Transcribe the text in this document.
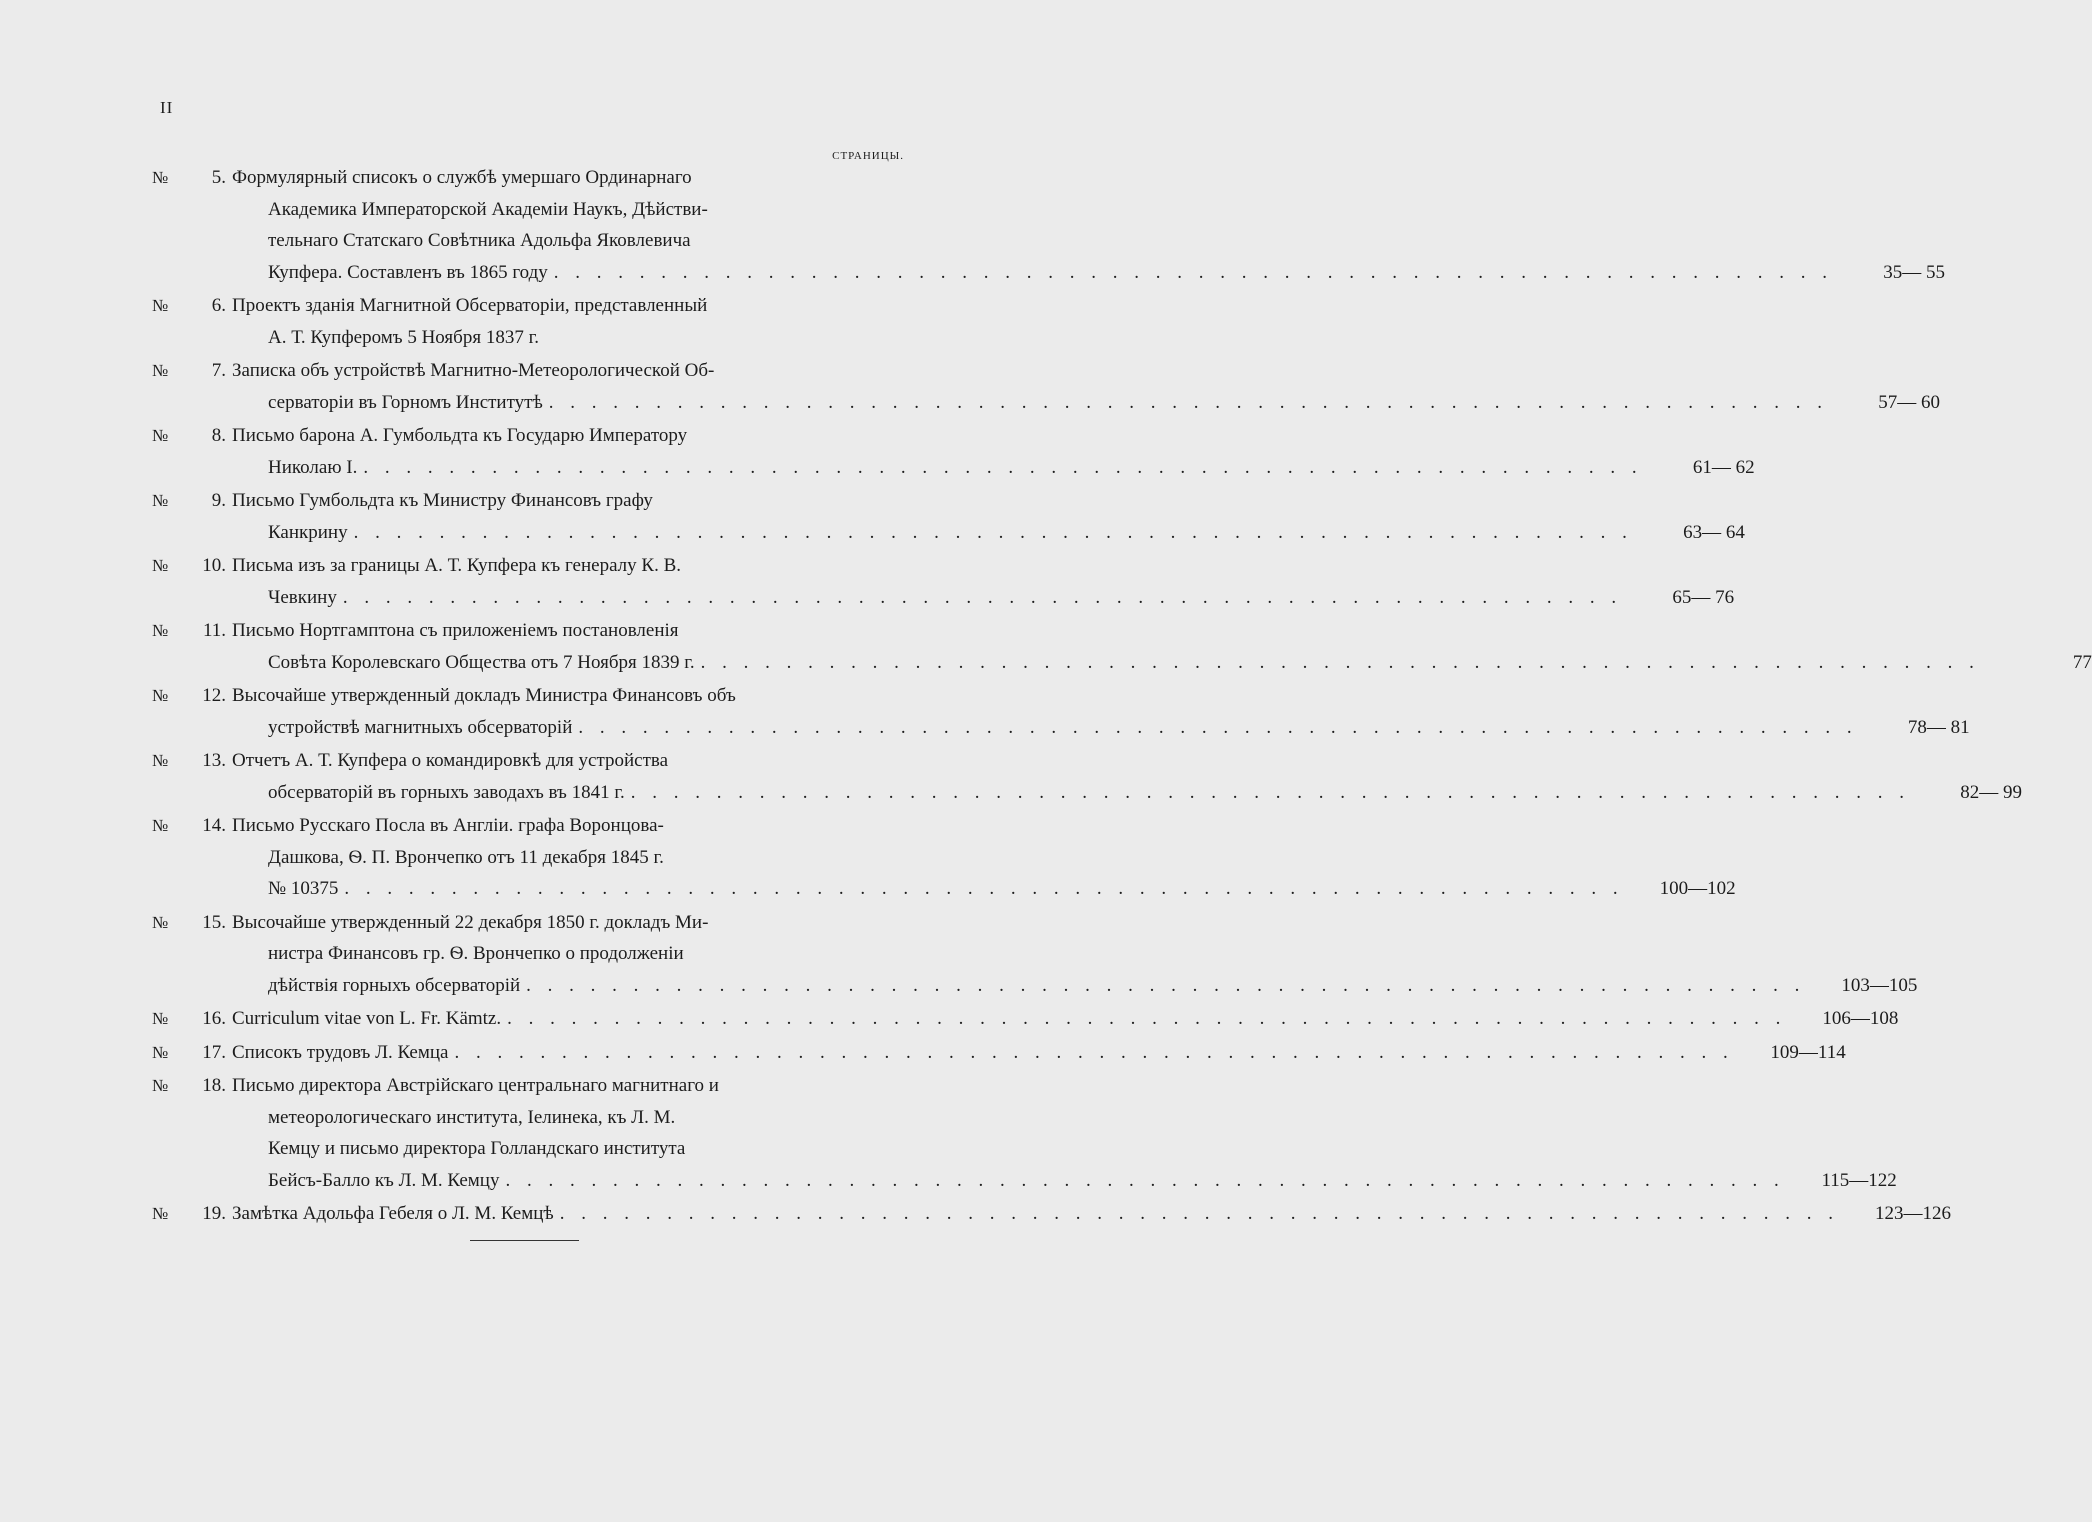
II
СТРАНИЦЫ.
№ 5. Формулярный списокъ о службѣ умершаго Ординарнаго
Академика Императорской Академіи Наукъ, Дѣйстви-
тельнаго Статскаго Совѣтника Адольфа Яковлевича
Купфера. Составленъ въ 1865 году . . . . . . . . . . . . . . . . . . . . . . . . . . . . . . . . . . . . . . . . . . . . . . . . . . . . . . . . . . . .	35— 55
№ 6. Проектъ зданія Магнитной Обсерваторіи, представленный
А. Т. Купферомъ 5 Ноября 1837 г.
№ 7. Записка объ устройствѣ Магнитно-Метеорологической Об-
серваторіи въ Горномъ Институтѣ . . . . . . . . . . . . . . . . . . . . . . . . . . . . . . . . . . . . . . . . . . . . . . . . . . . . . . . . . . . .	57— 60
№ 8. Письмо барона А. Гумбольдта къ Государю Императору
Николаю I. . . . . . . . . . . . . . . . . . . . . . . . . . . . . . . . . . . . . . . . . . . . . . . . . . . . . . . . . . . . .	61— 62
№ 9. Письмо Гумбольдта къ Министру Финансовъ графу
Канкрину . . . . . . . . . . . . . . . . . . . . . . . . . . . . . . . . . . . . . . . . . . . . . . . . . . . . . . . . . . . .	63— 64
№ 10. Письма изъ за границы А. Т. Купфера къ генералу К. В.
Чевкину . . . . . . . . . . . . . . . . . . . . . . . . . . . . . . . . . . . . . . . . . . . . . . . . . . . . . . . . . . . .	65— 76
№ 11. Письмо Нортгамптона съ приложеніемъ постановленія
Совѣта Королевскаго Общества отъ 7 Ноября 1839 г. . . . . . . . . . . . . . . . . . . . . . . . . . . . . . . . . . . . . . . . . . . . . . . . . . . . . . . . . . . . .	77
№ 12. Высочайше утвержденный докладъ Министра Финансовъ объ
устройствѣ магнитныхъ обсерваторій . . . . . . . . . . . . . . . . . . . . . . . . . . . . . . . . . . . . . . . . . . . . . . . . . . . . . . . . . . . .	78— 81
№ 13. Отчетъ А. Т. Купфера о командировкѣ для устройства
обсерваторій въ горныхъ заводахъ въ 1841 г. . . . . . . . . . . . . . . . . . . . . . . . . . . . . . . . . . . . . . . . . . . . . . . . . . . . . . . . . . . . .	82— 99
№ 14. Письмо Русскаго Посла въ Англіи. графа Воронцова-
Дашкова, Ѳ. П. Врончепко отъ 11 декабря 1845 г.
№ 10375 . . . . . . . . . . . . . . . . . . . . . . . . . . . . . . . . . . . . . . . . . . . . . . . . . . . . . . . . . . . .	100—102
№ 15. Высочайше утвержденный 22 декабря 1850 г. докладъ Ми-
нистра Финансовъ гр. Ѳ. Врончепко о продолженіи
дѣйствія горныхъ обсерваторій . . . . . . . . . . . . . . . . . . . . . . . . . . . . . . . . . . . . . . . . . . . . . . . . . . . . . . . . . . . .	103—105
№ 16. Curriculum vitae von L. Fr. Kämtz. . . . . . . . . . . . . . . . . . . . . . . . . . . . . . . . . . . . . . . . . . . . . . . . . . . . . . . . . . . . .	106—108
№ 17. Списокъ трудовъ Л. Кемца . . . . . . . . . . . . . . . . . . . . . . . . . . . . . . . . . . . . . . . . . . . . . . . . . . . . . . . . . . . .	109—114
№ 18. Письмо директора Австрійскаго центральнаго магнитнаго и
метеорологическаго института, Іелинека, къ Л. М.
Кемцу и письмо директора Голландскаго института
Бейсъ-Балло къ Л. М. Кемцу . . . . . . . . . . . . . . . . . . . . . . . . . . . . . . . . . . . . . . . . . . . . . . . . . . . . . . . . . . . .	115—122
№ 19. Замѣтка Адольфа Гебеля о Л. М. Кемцѣ . . . . . . . . . . . . . . . . . . . . . . . . . . . . . . . . . . . . . . . . . . . . . . . . . . . . . . . . . . . .	123—126
